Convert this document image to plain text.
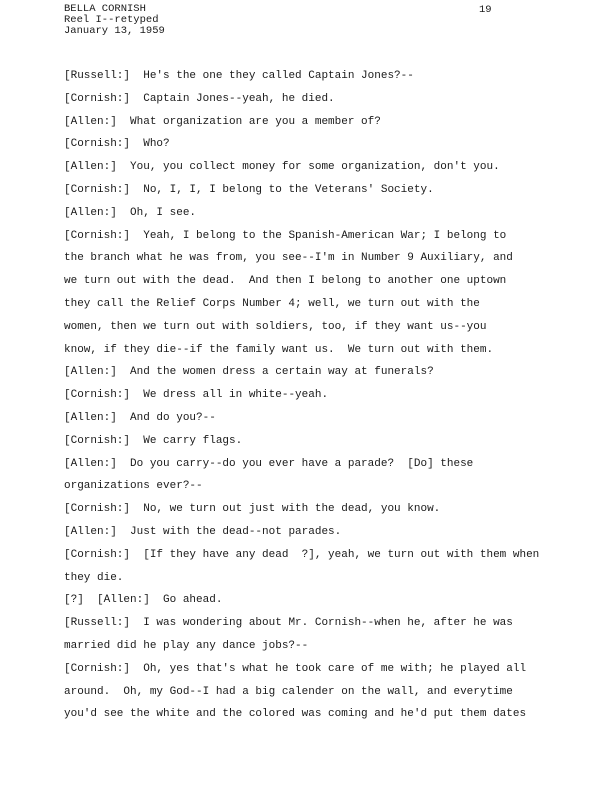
BELLA CORNISH
Reel I--retyped
January 13, 1959
19
[Russell:] He's the one they called Captain Jones?--
[Cornish:] Captain Jones--yeah, he died.
[Allen:] What organization are you a member of?
[Cornish:] Who?
[Allen:] You, you collect money for some organization, don't you.
[Cornish:] No, I, I, I belong to the Veterans' Society.
[Allen:] Oh, I see.
[Cornish:] Yeah, I belong to the Spanish-American War; I belong to
the branch what he was from, you see--I'm in Number 9 Auxiliary, and
we turn out with the dead.  And then I belong to another one uptown
they call the Relief Corps Number 4; well, we turn out with the
women, then we turn out with soldiers, too, if they want us--you
know, if they die--if the family want us.  We turn out with them.
[Allen:] And the women dress a certain way at funerals?
[Cornish:] We dress all in white--yeah.
[Allen:] And do you?--
[Cornish:] We carry flags.
[Allen:] Do you carry--do you ever have a parade?  [Do] these
organizations ever?--
[Cornish:] No, we turn out just with the dead, you know.
[Allen:] Just with the dead--not parades.
[Cornish:] [If they have any dead  ?], yeah, we turn out with them when
they die.
[?] [Allen:]  Go ahead.
[Russell:] I was wondering about Mr. Cornish--when he, after he was
married did he play any dance jobs?--
[Cornish:] Oh, yes that's what he took care of me with; he played all
around.  Oh, my God--I had a big calender on the wall, and everytime
you'd see the white and the colored was coming and he'd put them dates
